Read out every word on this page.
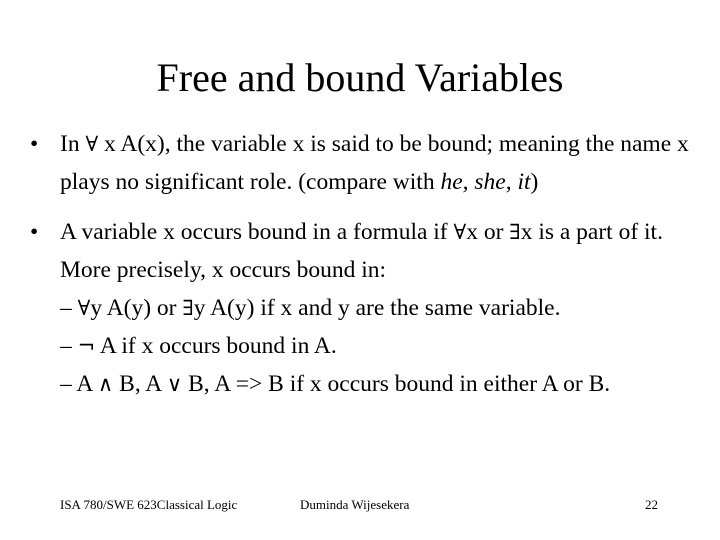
Free and bound Variables
• In ∀ x A(x), the variable x is said to be bound; meaning the name x plays no significant role. (compare with he, she, it)
• A variable x occurs bound in a formula if ∀x or ∃x is a part of it. More precisely, x occurs bound in:
– ∀y A(y) or ∃y A(y) if x and y are the same variable.
– ¬ A if x occurs bound in A.
– A ∧ B, A ∨ B, A => B if x occurs bound in either A or B.
ISA 780/SWE 623Classical Logic	Duminda Wijesekera	22
